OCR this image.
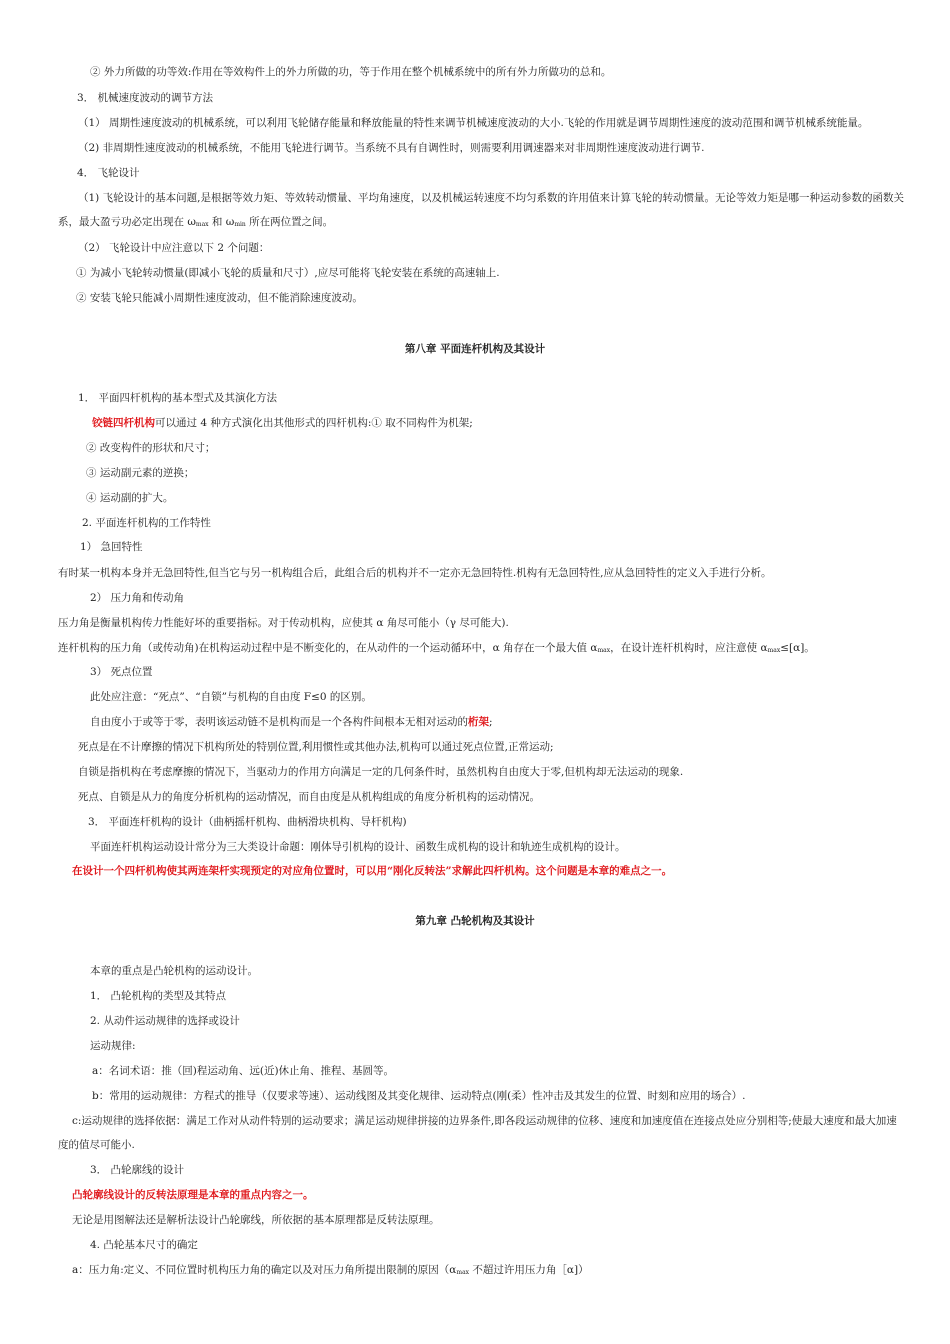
② 外力所做的功等效:作用在等效构件上的外力所做的功，等于作用在整个机械系统中的所有外力所做功的总和。
3． 机械速度波动的调节方法
（1） 周期性速度波动的机械系统，可以利用飞轮储存能量和释放能量的特性来调节机械速度波动的大小.飞轮的作用就是调节周期性速度的波动范围和调节机械系统能量。
（2) 非周期性速度波动的机械系统，不能用飞轮进行调节。当系统不具有自调性时，则需要利用调速器来对非周期性速度波动进行调节.
4． 飞轮设计
（1) 飞轮设计的基本问题,是根据等效力矩、等效转动惯量、平均角速度，以及机械运转速度不均匀系数的许用值来计算飞轮的转动惯量。无论等效力矩是哪一种运动参数的函数关
系，最大盈亏功必定出现在 $\omega_{max}$ 和 $\omega_{min}$ 所在两位置之间。
（2） 飞轮设计中应注意以下 2 个问题：
① 为减小飞轮转动惯量(即减小飞轮的质量和尺寸）,应尽可能将飞轮安装在系统的高速轴上.
② 安装飞轮只能减小周期性速度波动，但不能消除速度波动。
第八章 平面连杆机构及其设计
1． 平面四杆机构的基本型式及其演化方法
铰链四杆机构可以通过 4 种方式演化出其他形式的四杆机构:① 取不同构件为机架;
② 改变构件的形状和尺寸；
③ 运动副元素的逆换；
④ 运动副的扩大。
2. 平面连杆机构的工作特性
1） 急回特性
有时某一机构本身并无急回特性,但当它与另一机构组合后，此组合后的机构并不一定亦无急回特性.机构有无急回特性,应从急回特性的定义入手进行分析。
2） 压力角和传动角
压力角是衡量机构传力性能好坏的重要指标。对于传动机构，应使其 α 角尽可能小（γ 尽可能大).
连杆机构的压力角（或传动角)在机构运动过程中是不断变化的，在从动件的一个运动循环中，α 角存在一个最大值 $\alpha_{max}$，在设计连杆机构时，应注意使 $\alpha_{max}\le[\alpha]$。
3） 死点位置
此处应注意：“死点”、“自锁”与机构的自由度 F≤0 的区别。
自由度小于或等于零，表明该运动链不是机构而是一个各构件间根本无相对运动的桁架;
死点是在不计摩擦的情况下机构所处的特别位置,利用惯性或其他办法,机构可以通过死点位置,正常运动;
自锁是指机构在考虑摩擦的情况下，当驱动力的作用方向满足一定的几何条件时，虽然机构自由度大于零,但机构却无法运动的现象.
死点、自锁是从力的角度分析机构的运动情况，而自由度是从机构组成的角度分析机构的运动情况。
3． 平面连杆机构的设计（曲柄摇杆机构、曲柄滑块机构、导杆机构)
平面连杆机构运动设计常分为三大类设计命题：刚体导引机构的设计、函数生成机构的设计和轨迹生成机构的设计。
在设计一个四杆机构使其两连架杆实现预定的对应角位置时，可以用“刚化反转法”求解此四杆机构。这个问题是本章的难点之一。
第九章 凸轮机构及其设计
本章的重点是凸轮机构的运动设计。
1． 凸轮机构的类型及其特点
2. 从动件运动规律的选择或设计
运动规律:
a：名词术语：推（回)程运动角、远(近)休止角、推程、基圆等。
b：常用的运动规律：方程式的推导（仅要求等速）、运动线图及其变化规律、运动特点(刚(柔）性冲击及其发生的位置、时刻和应用的场合）.
c:运动规律的选择依据：满足工作对从动件特别的运动要求；满足运动规律拼接的边界条件,即各段运动规律的位移、速度和加速度值在连接点处应分别相等;使最大速度和最大加速
度的值尽可能小.
3． 凸轮廓线的设计
凸轮廓线设计的反转法原理是本章的重点内容之一。
无论是用图解法还是解析法设计凸轮廓线，所依据的基本原理都是反转法原理。
4. 凸轮基本尺寸的确定
a：压力角:定义、不同位置时机构压力角的确定以及对压力角所提出限制的原因（$\alpha_{max}$ 不超过许用压力角［α]）
